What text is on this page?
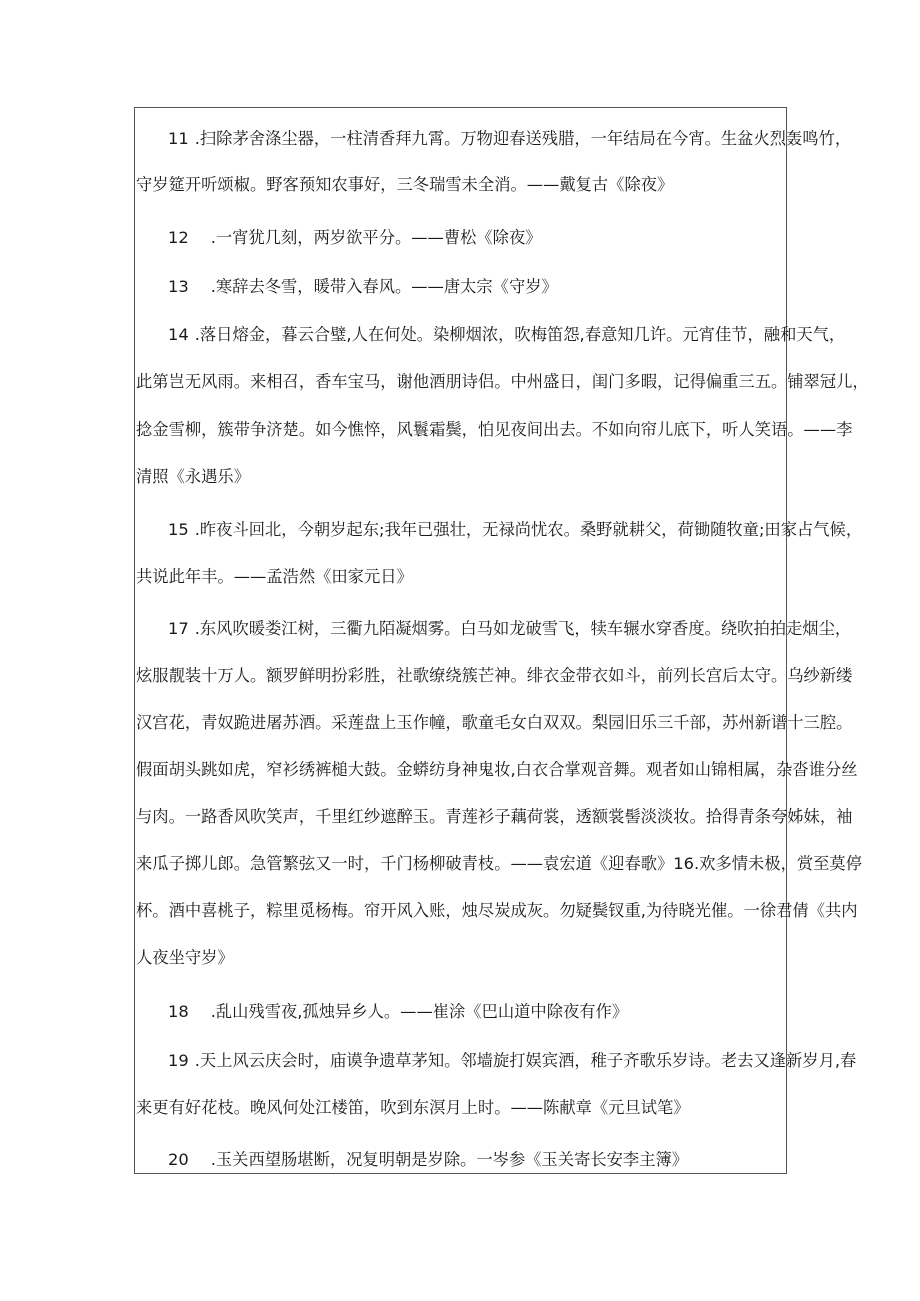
11 .扫除茅舍涤尘器，一柱清香拜九霄。万物迎春送残腊，一年结局在今宵。生盆火烈轰鸣竹，
守岁筵开听颂椒。野客预知农事好，三冬瑞雪未全消。——戴复古《除夜》
12 .一宵犹几刻，两岁欲平分。——曹松《除夜》
13 .寒辞去冬雪，暖带入春风。——唐太宗《守岁》
14 .落日熔金，暮云合璧,人在何处。染柳烟浓，吹梅笛怨,春意知几许。元宵佳节，融和天气，
此第岂无风雨。来相召，香车宝马，谢他酒朋诗侣。中州盛日，闺门多暇，记得偏重三五。铺翠冠儿，
捻金雪柳，簇带争济楚。如今憔悴，风鬟霜鬓，怕见夜间出去。不如向帘儿底下，听人笑语。——李
清照《永遇乐》
15 .昨夜斗回北，今朝岁起东;我年已强壮，无禄尚忧农。桑野就耕父，荷锄随牧童;田家占气候，
共说此年丰。——孟浩然《田家元日》
17 .东风吹暖娄江树，三衢九陌凝烟雾。白马如龙破雪飞，犊车辗水穿香度。绕吹拍拍走烟尘，
炫服靓装十万人。额罗鲜明扮彩胜，社歌缭绕簇芒神。绯衣金带衣如斗，前列长宫后太守。乌纱新缕
汉宫花，青奴跪进屠苏酒。采莲盘上玉作幢，歌童毛女白双双。梨园旧乐三千部，苏州新谱十三腔。
假面胡头跳如虎，窄衫绣裤槌大鼓。金蟒纺身神鬼妆,白衣合掌观音舞。观者如山锦相属，杂沓谁分丝
与肉。一路香风吹笑声，千里红纱遮醉玉。青莲衫子藕荷裳，透额裳髻淡淡妆。拾得青条夸姊妹，袖
来瓜子掷儿郎。急管繁弦又一时，千门杨柳破青枝。——袁宏道《迎春歌》16.欢多情未极，赏至莫停
杯。酒中喜桃子，粽里觅杨梅。帘开风入账，烛尽炭成灰。勿疑鬓钗重,为待晓光催。一徐君倩《共内
人夜坐守岁》
18 .乱山残雪夜,孤烛异乡人。——崔涂《巴山道中除夜有作》
19 .天上风云庆会时，庙谟争遗草茅知。邻墙旋打娱宾酒，稚子齐歌乐岁诗。老去又逢新岁月,春
来更有好花枝。晚风何处江楼笛，吹到东溟月上时。——陈献章《元旦试笔》
20 .玉关西望肠堪断，况复明朝是岁除。一岑参《玉关寄长安李主簿》
